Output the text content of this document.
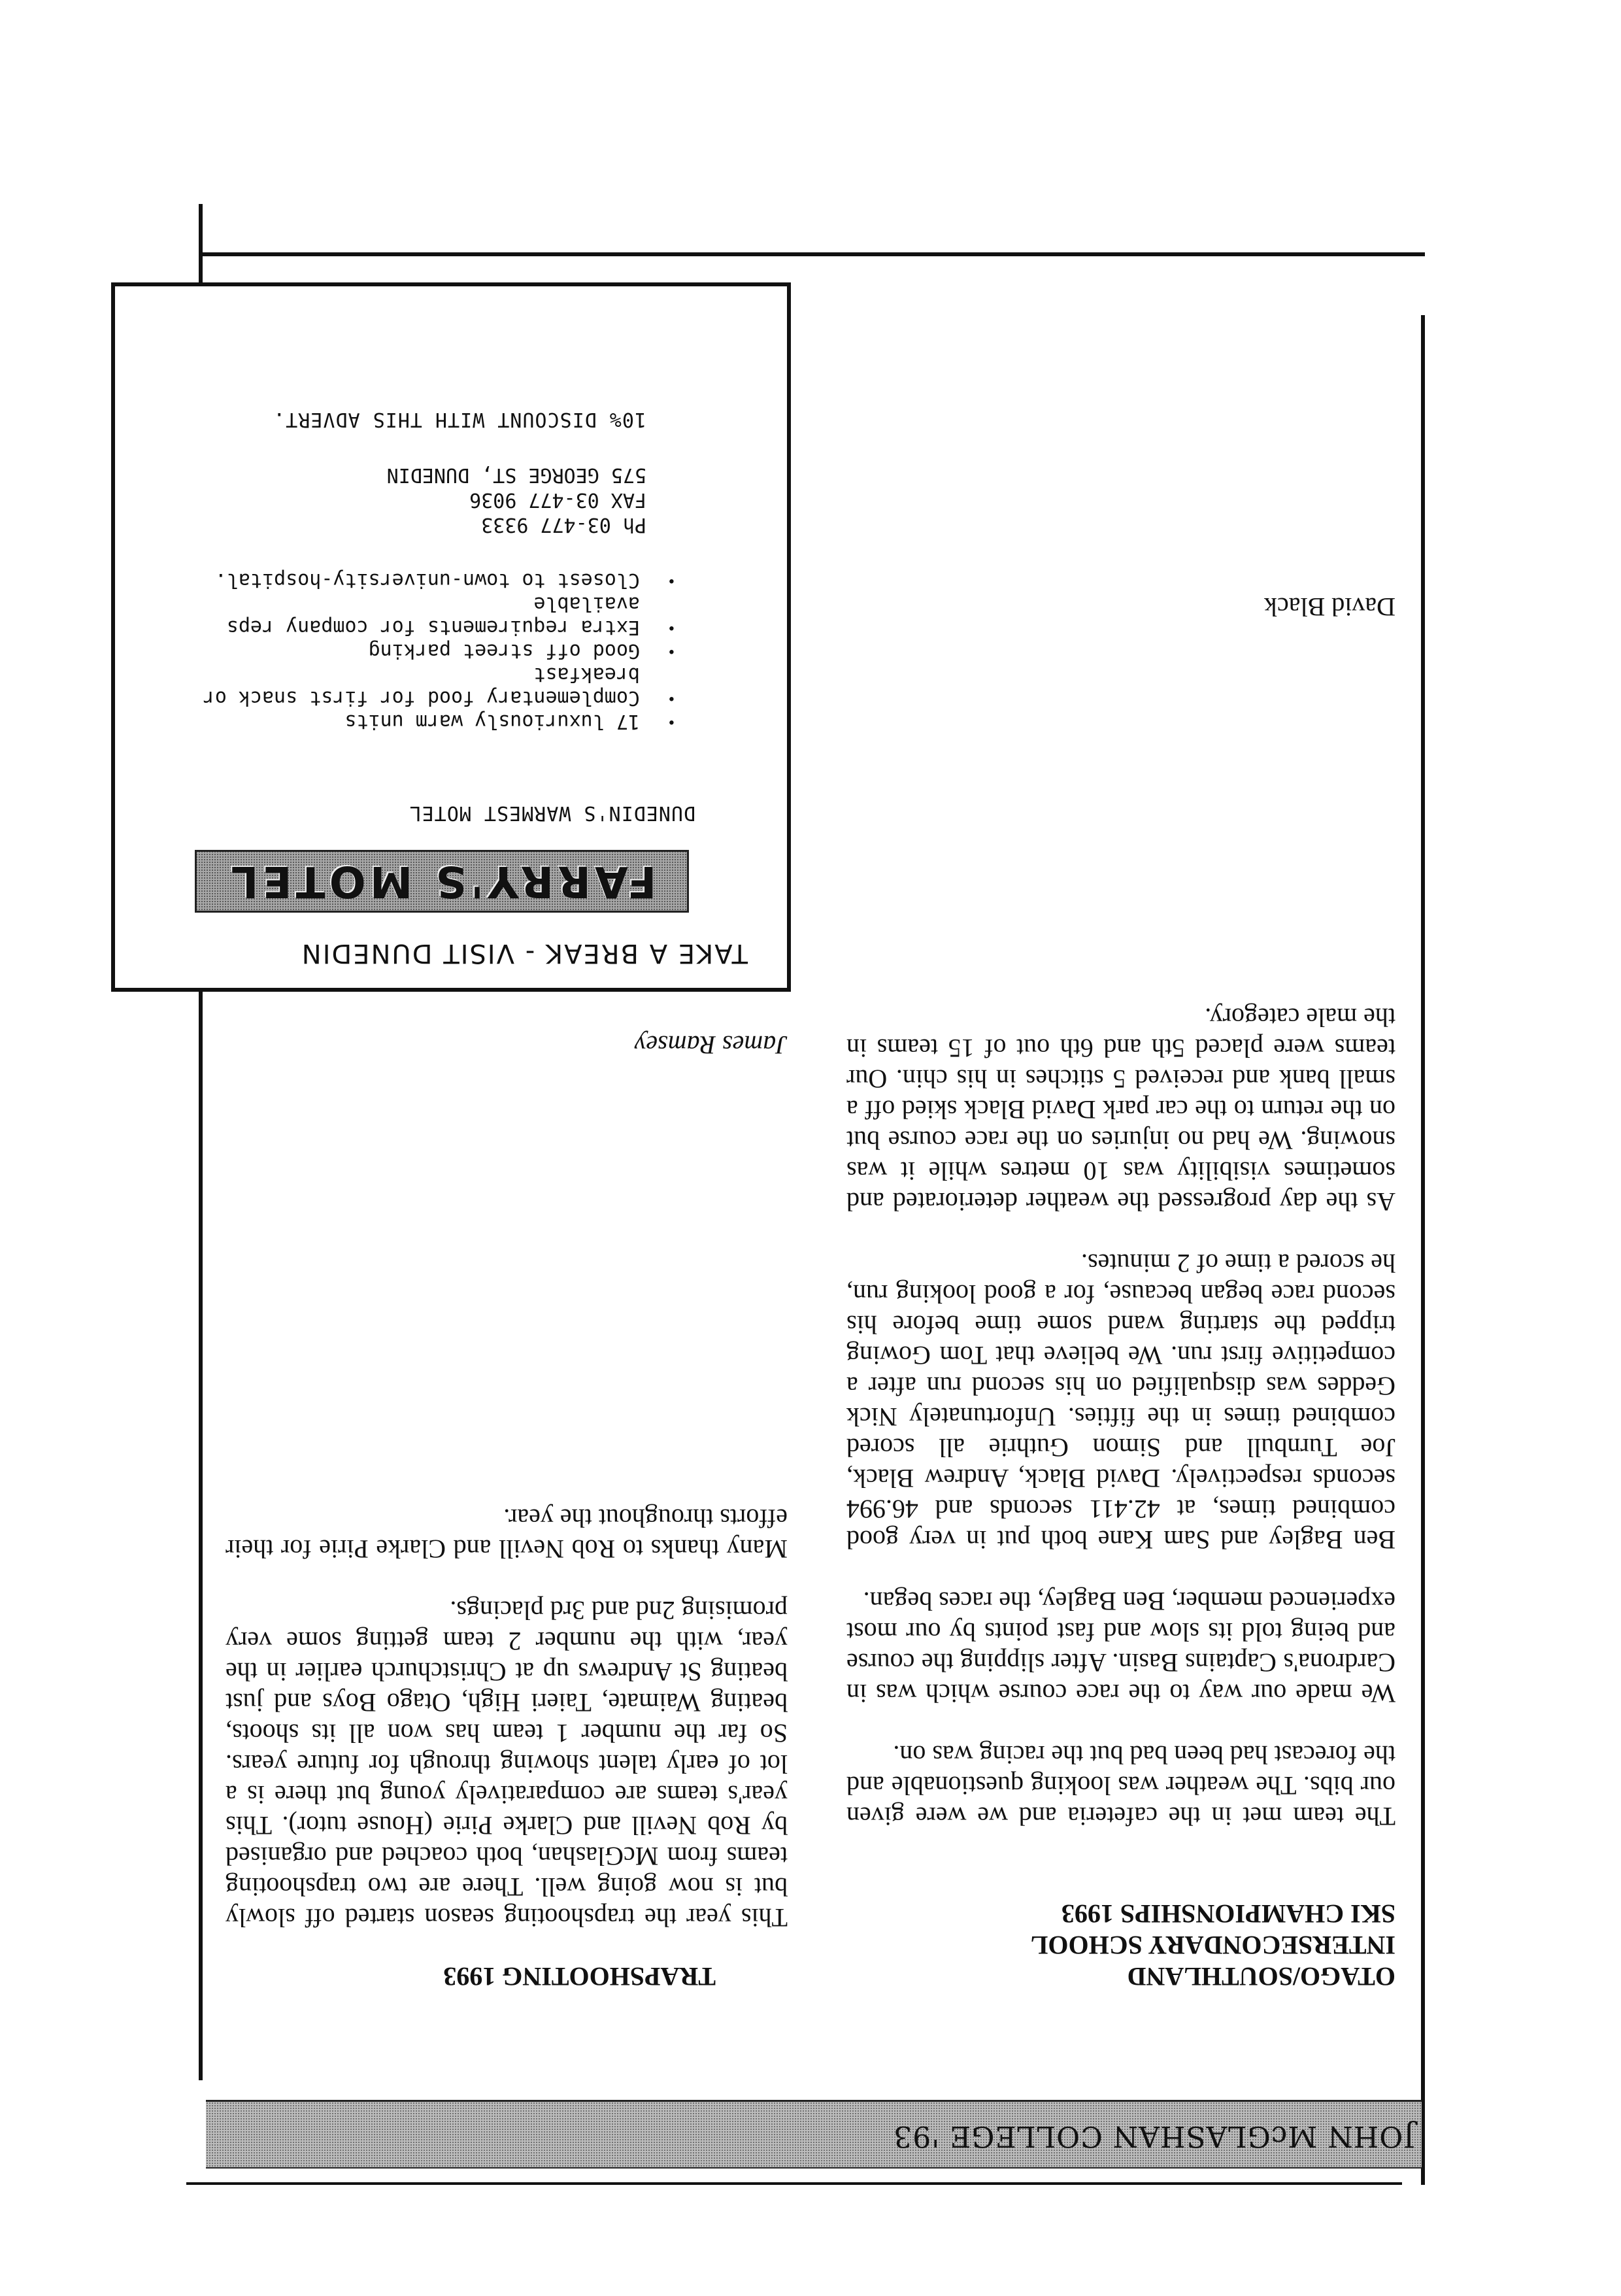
JOHN McGLASHAN COLLEGE '93
OTAGO/SOUTHLAND
INTERSECONDARY SCHOOL
SKI CHAMPIONSHIPS 1993

The team met in the cafeteria and we were given our bibs. The weather was looking questionable and the forecast had been bad but the racing was on.

We made our way to the race course which was in Cardrona's Captains Basin. After slipping the course and being told its slow and fast points by our most experienced member, Ben Bagley, the races began.

Ben Bagley and Sam Kane both put in very good combined times, at 42.411 seconds and 46.994 seconds respectively. David Black, Andrew Black, Joe Turnbull and Simon Guthrie all scored combined times in the fifties. Unfortunately Nick Geddes was disqualified on his second run after a competitive first run. We believe that Tom Gowing tripped the starting wand some time before his second race began because, for a good looking run, he scored a time of 2 minutes.

As the day progressed the weather deteriorated and sometimes visibility was 10 metres while it was snowing. We had no injuries on the race course but on the return to the car park David Black skied off a small bank and received 5 stitches in his chin. Our teams were placed 5th and 6th out of 15 teams in the male category.

David Black

TRAPSHOOTING 1993

This year the trapshooting season started off slowly but is now going well. There are two trapshooting teams from McGlashan, both coached and organised by Rob Nevill and Clarke Pirie (House tutor). This year's teams are comparatively young but there is a lot of early talent showing through for future years. So far the number 1 team has won all its shoots, beating Waimate, Taieri High, Otago Boys and just beating St Andrews up at Christchurch earlier in the year, with the number 2 team getting some very promising 2nd and 3rd placings.

Many thanks to Rob Nevill and Clarke Pirie for their efforts throughout the year.

James Ramsey

TAKE A BREAK - VISIT DUNEDIN
FARRY'S MOTEL
DUNEDIN'S WARMEST MOTEL
•
17 luxuriously warm units
•
Complementary food for first snack or breakfast
•
Good off street parking
•
Extra requirements for company reps available
•
Closest to town-university-hospital.
Ph 03-477 9333
FAX 03-477 9036
575 GEORGE ST, DUNEDIN
10% DISCOUNT WITH THIS ADVERT.
